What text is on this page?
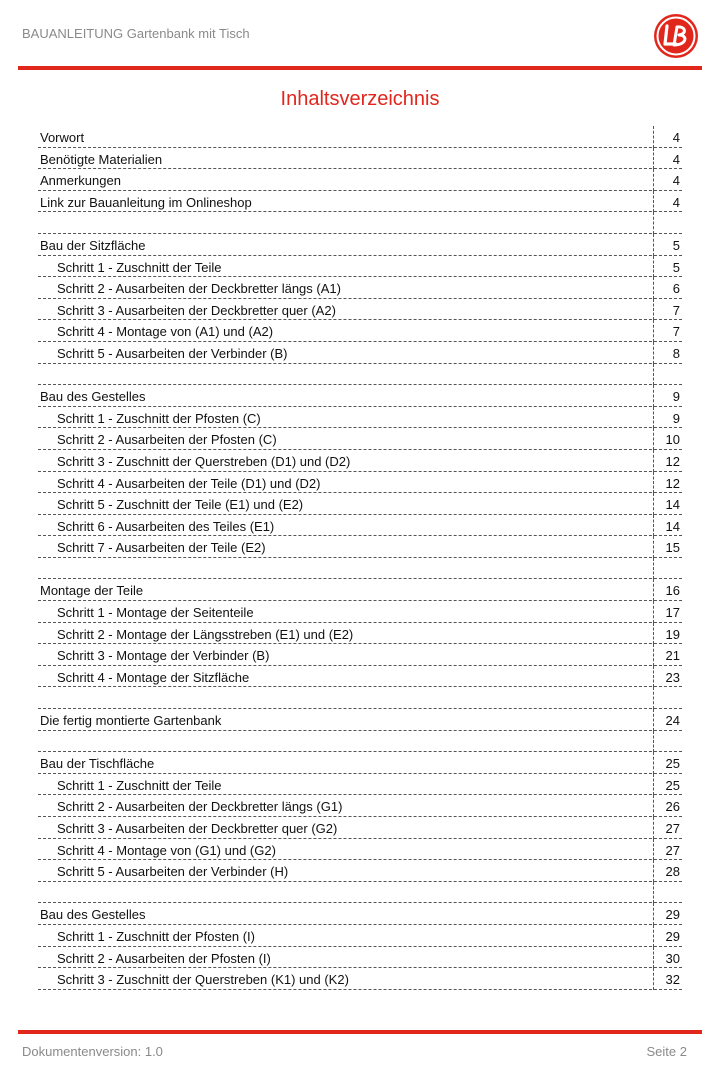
BAUANLEITUNG Gartenbank mit Tisch
Inhaltsverzeichnis
Vorwort	4
Benötigte Materialien	4
Anmerkungen	4
Link zur Bauanleitung im Onlineshop	4
Bau der Sitzfläche	5
Schritt 1 - Zuschnitt der Teile	5
Schritt 2 - Ausarbeiten der Deckbretter längs (A1)	6
Schritt 3 - Ausarbeiten der Deckbretter quer (A2)	7
Schritt 4 - Montage von (A1) und (A2)	7
Schritt 5 - Ausarbeiten der Verbinder (B)	8
Bau des Gestelles	9
Schritt 1 - Zuschnitt der Pfosten (C)	9
Schritt 2 - Ausarbeiten der Pfosten (C)	10
Schritt 3 - Zuschnitt der Querstreben (D1) und (D2)	12
Schritt 4 - Ausarbeiten der Teile (D1) und (D2)	12
Schritt 5 - Zuschnitt der Teile (E1) und (E2)	14
Schritt 6 - Ausarbeiten des Teiles (E1)	14
Schritt 7 - Ausarbeiten der Teile (E2)	15
Montage der Teile	16
Schritt 1 - Montage der Seitenteile	17
Schritt 2 - Montage der Längsstreben (E1) und (E2)	19
Schritt 3 - Montage der Verbinder (B)	21
Schritt 4 - Montage der Sitzfläche	23
Die fertig montierte Gartenbank	24
Bau der Tischfläche	25
Schritt 1 - Zuschnitt der Teile	25
Schritt 2 - Ausarbeiten der Deckbretter längs (G1)	26
Schritt 3 - Ausarbeiten der Deckbretter quer (G2)	27
Schritt 4 - Montage von (G1) und (G2)	27
Schritt 5 - Ausarbeiten der Verbinder (H)	28
Bau des Gestelles	29
Schritt 1 - Zuschnitt der Pfosten (I)	29
Schritt 2 - Ausarbeiten der Pfosten (I)	30
Schritt 3 - Zuschnitt der Querstreben (K1) und (K2)	32
Dokumentenversion: 1.0	Seite 2
